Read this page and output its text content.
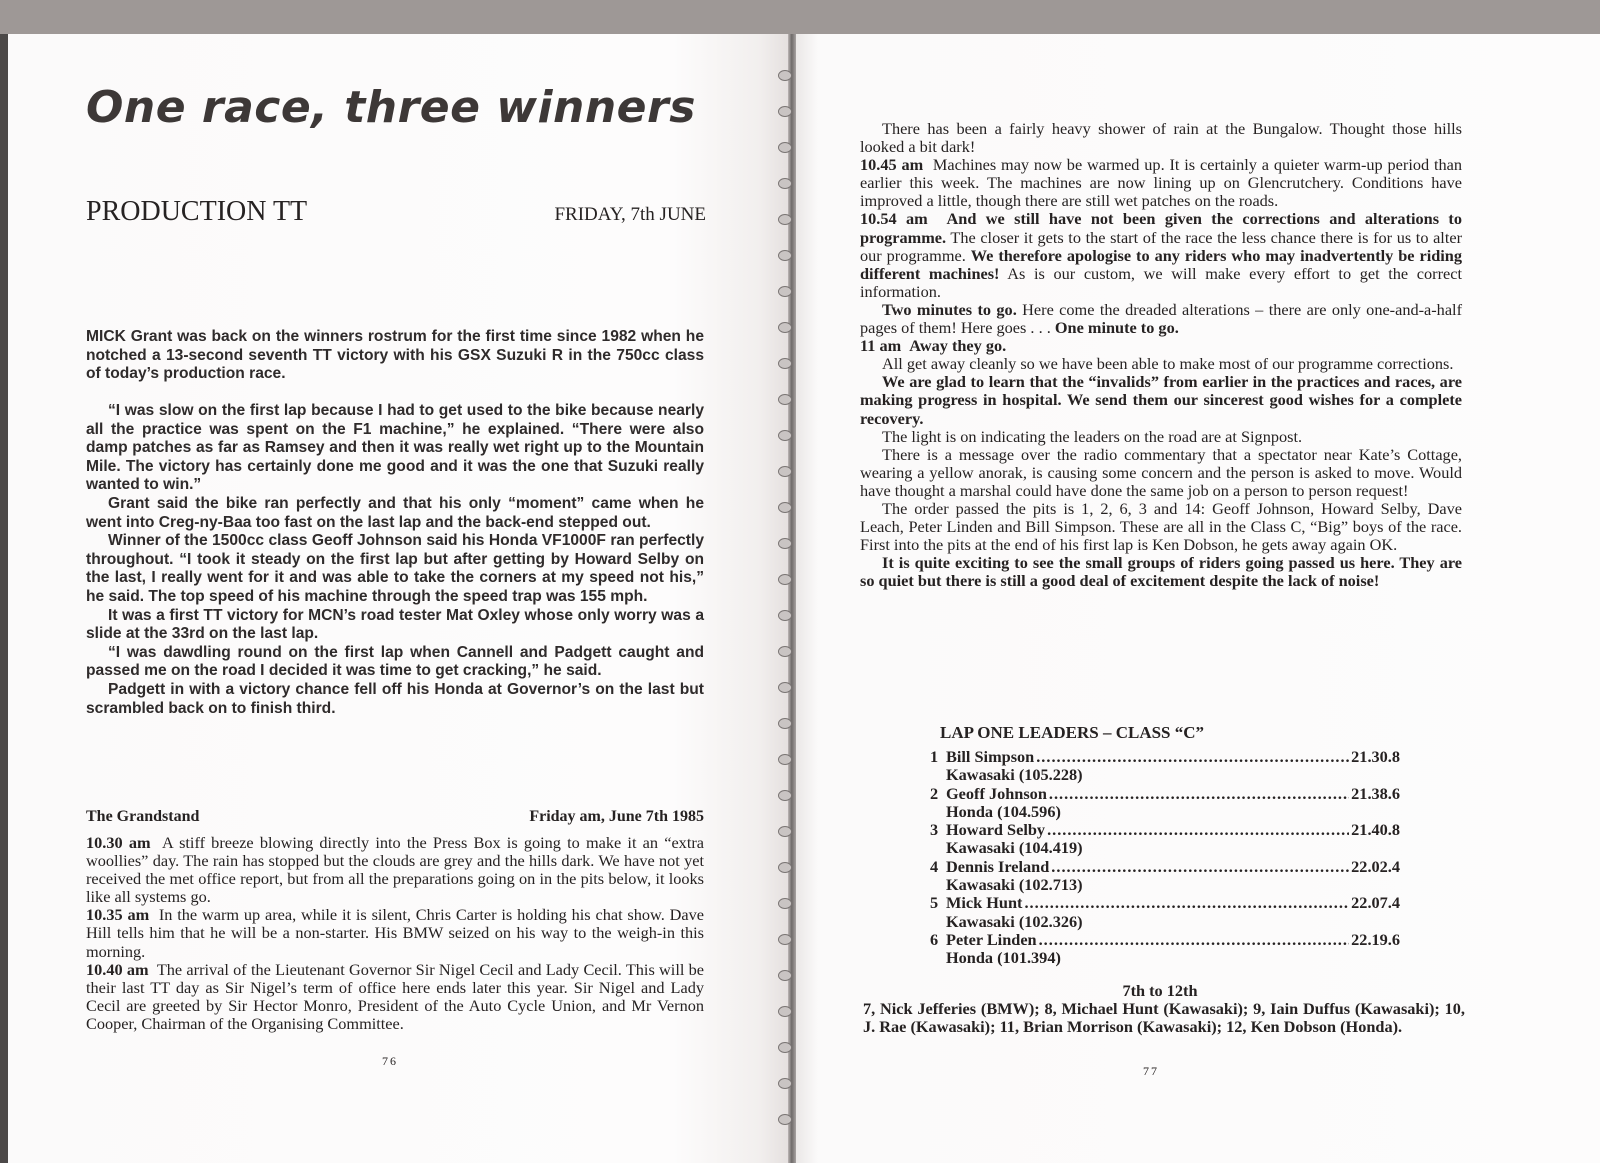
One race, three winners
PRODUCTION TT	FRIDAY, 7th JUNE

MICK Grant was back on the winners rostrum for the first time since 1982 when he notched a 13-second seventh TT victory with his GSX Suzuki R in the 750cc class of today’s production race.

“I was slow on the first lap because I had to get used to the bike because nearly all the practice was spent on the F1 machine,” he explained. “There were also damp patches as far as Ramsey and then it was really wet right up to the Mountain Mile. The victory has certainly done me good and it was the one that Suzuki really wanted to win.”

Grant said the bike ran perfectly and that his only “moment” came when he went into Creg-ny-Baa too fast on the last lap and the back-end stepped out.

Winner of the 1500cc class Geoff Johnson said his Honda VF1000F ran perfectly throughout. “I took it steady on the first lap but after getting by Howard Selby on the last, I really went for it and was able to take the corners at my speed not his,” he said. The top speed of his machine through the speed trap was 155 mph.

It was a first TT victory for MCN’s road tester Mat Oxley whose only worry was a slide at the 33rd on the last lap.

“I was dawdling round on the first lap when Cannell and Padgett caught and passed me on the road I decided it was time to get cracking,” he said.

Padgett in with a victory chance fell off his Honda at Governor’s on the last but scrambled back on to finish third.

The Grandstand	Friday am, June 7th 1985

10.30 am A stiff breeze blowing directly into the Press Box is going to make it an “extra woollies” day. The rain has stopped but the clouds are grey and the hills dark. We have not yet received the met office report, but from all the preparations going on in the pits below, it looks like all systems go.

10.35 am In the warm up area, while it is silent, Chris Carter is holding his chat show. Dave Hill tells him that he will be a non-starter. His BMW seized on his way to the weigh-in this morning.

10.40 am The arrival of the Lieutenant Governor Sir Nigel Cecil and Lady Cecil. This will be their last TT day as Sir Nigel’s term of office here ends later this year. Sir Nigel and Lady Cecil are greeted by Sir Hector Monro, President of the Auto Cycle Union, and Mr Vernon Cooper, Chairman of the Organising Committee.

76

There has been a fairly heavy shower of rain at the Bungalow. Thought those hills looked a bit dark!

10.45 am Machines may now be warmed up. It is certainly a quieter warm-up period than earlier this week. The machines are now lining up on Glencrutchery. Conditions have improved a little, though there are still wet patches on the roads.

10.54 am And we still have not been given the corrections and alterations to programme. The closer it gets to the start of the race the less chance there is for us to alter our programme. We therefore apologise to any riders who may inadvertently be riding different machines! As is our custom, we will make every effort to get the correct information.

Two minutes to go. Here come the dreaded alterations – there are only one-and-a-half pages of them! Here goes . . . One minute to go.

11 am Away they go.

All get away cleanly so we have been able to make most of our programme corrections.

We are glad to learn that the “invalids” from earlier in the practices and races, are making progress in hospital. We send them our sincerest good wishes for a complete recovery.

The light is on indicating the leaders on the road are at Signpost.

There is a message over the radio commentary that a spectator near Kate’s Cottage, wearing a yellow anorak, is causing some concern and the person is asked to move. Would have thought a marshal could have done the same job on a person to person request!

The order passed the pits is 1, 2, 6, 3 and 14: Geoff Johnson, Howard Selby, Dave Leach, Peter Linden and Bill Simpson. These are all in the Class C, “Big” boys of the race. First into the pits at the end of his first lap is Ken Dobson, he gets away again OK.

It is quite exciting to see the small groups of riders going passed us here. They are so quiet but there is still a good deal of excitement despite the lack of noise!

LAP ONE LEADERS – CLASS “C”
1 Bill Simpson .....	21.30.8
Kawasaki (105.228)
2 Geoff Johnson .....	21.38.6
Honda (104.596)
3 Howard Selby .....	21.40.8
Kawasaki (104.419)
4 Dennis Ireland .....	22.02.4
Kawasaki (102.713)
5 Mick Hunt .....	22.07.4
Kawasaki (102.326)
6 Peter Linden .....	22.19.6
Honda (101.394)
7th to 12th
7, Nick Jefferies (BMW); 8, Michael Hunt (Kawasaki); 9, Iain Duffus (Kawasaki); 10, J. Rae (Kawasaki); 11, Brian Morrison (Kawasaki); 12, Ken Dobson (Honda).
77
